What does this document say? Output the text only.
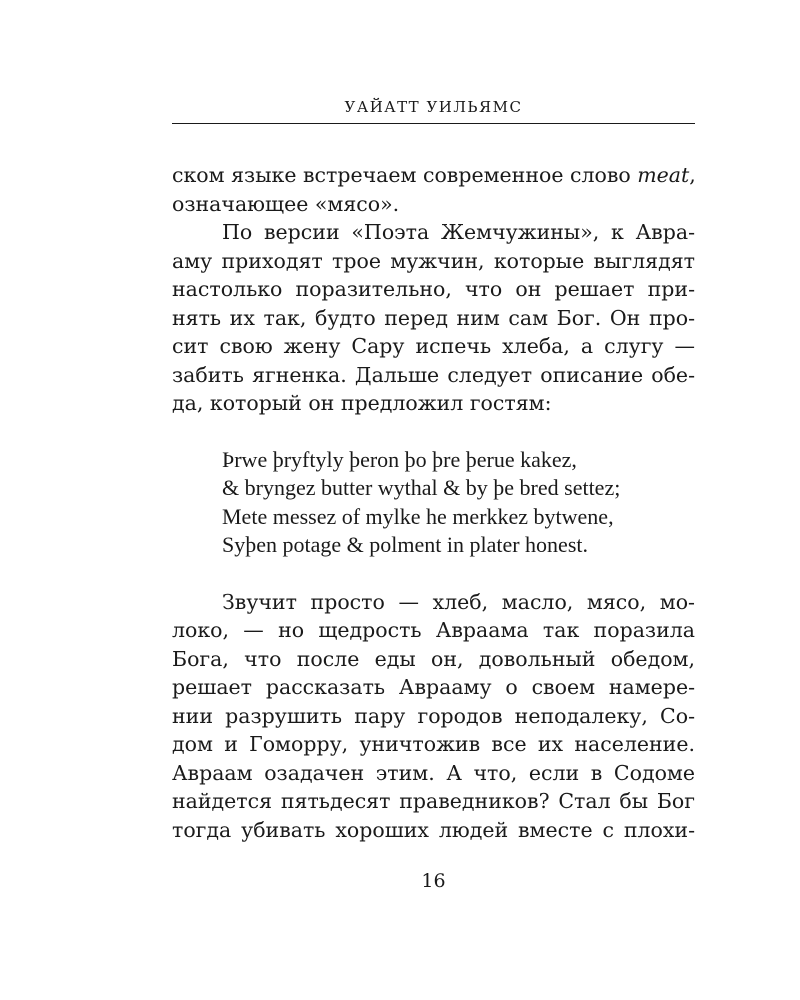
УАЙАТТ УИЛЬЯМС
ском языке встречаем современное слово meat,
означающее «мясо».
По версии «Поэта Жемчужины», к Авра-
аму приходят трое мужчин, которые выглядят
настолько поразительно, что он решает при-
нять их так, будто перед ним сам Бог. Он про-
сит свою жену Сару испечь хлеба, а слугу —
забить ягненка. Дальше следует описание обе-
да, который он предложил гостям:
Þrwe þryftyly þeron þo þre þerue kakez,
& bryngez butter wythal & by þe bred settez;
Mete messez of mylke he merkkez bytwene,
Syþen potage & polment in plater honest.
Звучит просто — хлеб, масло, мясо, мо-
локо, — но щедрость Авраама так поразила
Бога, что после еды он, довольный обедом,
решает рассказать Аврааму о своем намере-
нии разрушить пару городов неподалеку, Со-
дом и Гоморру, уничтожив все их население.
Авраам озадачен этим. А что, если в Содоме
найдется пятьдесят праведников? Стал бы Бог
тогда убивать хороших людей вместе с плохи-
16
